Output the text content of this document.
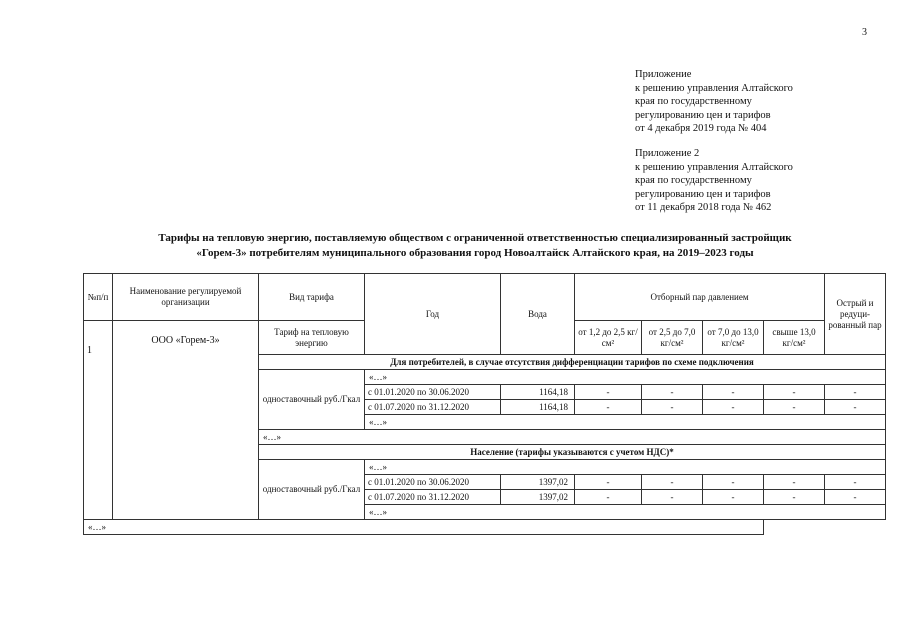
3
Приложение
к решению управления Алтайского
края по государственному
регулированию цен и тарифов
от 4 декабря 2019 года № 404
Приложение 2
к решению управления Алтайского
края по государственному
регулированию цен и тарифов
от 11 декабря 2018 года № 462
Тарифы на тепловую энергию, поставляемую обществом с ограниченной ответственностью специализированный застройщик
«Горем-3» потребителям муниципального образования город Новоалтайск Алтайского края, на 2019–2023 годы
№п/п	Наименование регулируемой организации	Вид тарифа	Год	Вода	Отборный пар давлением				Острый и редуци-рованный пар
1	ООО «Горем-3»	Тариф на тепловую энергию			от 1,2 до 2,5 кг/см²	от 2,5 до 7,0 кг/см²	от 7,0 до 13,0 кг/см²	свыше 13,0 кг/см²	
		Для потребителей, в случае отсутствия дифференциации тарифов по схеме подключения							
		одноставочный руб./Гкал	«…»						
			с 01.01.2020 по 30.06.2020	1164,18	-	-	-	-	-
			с 01.07.2020 по 31.12.2020	1164,18	-	-	-	-	-
			«…»						
		«…»							
		Население (тарифы указываются с учетом НДС)*							
		одноставочный руб./Гкал	«…»						
			с 01.01.2020 по 30.06.2020	1397,02	-	-	-	-	-
			с 01.07.2020 по 31.12.2020	1397,02	-	-	-	-	-
			«…»						
«…»									
